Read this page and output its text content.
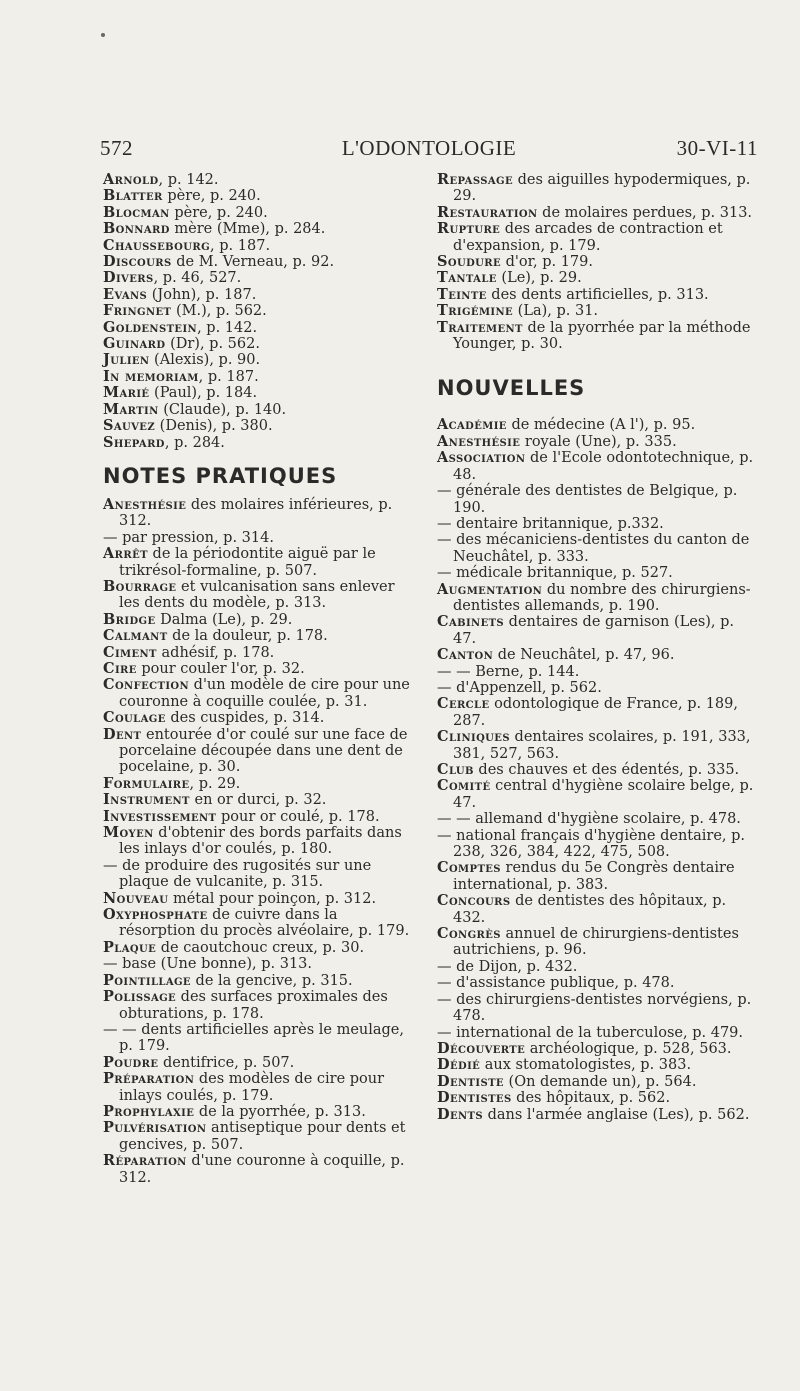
572	L'ODONTOLOGIE	30-VI-11

Arnold, p. 142.

Blatter père, p. 240.

Blocman père, p. 240.

Bonnard mère (Mme), p. 284.

Chaussebourg, p. 187.

Discours de M. Verneau, p. 92.

Divers, p. 46, 527.

Evans (John), p. 187.

Fringnet (M.), p. 562.

Goldenstein, p. 142.

Guinard (Dr), p. 562.

Julien (Alexis), p. 90.

In memoriam, p. 187.

Marié (Paul), p. 184.

Martin (Claude), p. 140.

Sauvez (Denis), p. 380.

Shepard, p. 284.

NOTES PRATIQUES

Anesthésie des molaires inférieures, p. 312.

— par pression, p. 314.

Arrêt de la périodontite aiguë par le trikrésol-formaline, p. 507.

Bourrage et vulcanisation sans enlever les dents du modèle, p. 313.

Bridge Dalma (Le), p. 29.

Calmant de la douleur, p. 178.

Ciment adhésif, p. 178.

Cire pour couler l'or, p. 32.

Confection d'un modèle de cire pour une couronne à coquille coulée, p. 31.

Coulage des cuspides, p. 314.

Dent entourée d'or coulé sur une face de porcelaine découpée dans une dent de pocelaine, p. 30.

Formulaire, p. 29.

Instrument en or durci, p. 32.

Investissement pour or coulé, p. 178.

Moyen d'obtenir des bords parfaits dans les inlays d'or coulés, p. 180.

— de produire des rugosités sur une plaque de vulcanite, p. 315.

Nouveau métal pour poinçon, p. 312.

Oxyphosphate de cuivre dans la résorption du procès alvéolaire, p. 179.

Plaque de caoutchouc creux, p. 30.

— base (Une bonne), p. 313.

Pointillage de la gencive, p. 315.

Polissage des surfaces proximales des obturations, p. 178.

— — dents artificielles après le meulage, p. 179.

Poudre dentifrice, p. 507.

Préparation des modèles de cire pour inlays coulés, p. 179.

Prophylaxie de la pyorrhée, p. 313.

Pulvérisation antiseptique pour dents et gencives, p. 507.

Réparation d'une couronne à coquille, p. 312.

Repassage des aiguilles hypodermiques, p. 29.

Restauration de molaires perdues, p. 313.

Rupture des arcades de contraction et d'expansion, p. 179.

Soudure d'or, p. 179.

Tantale (Le), p. 29.

Teinte des dents artificielles, p. 313.

Trigémine (La), p. 31.

Traitement de la pyorrhée par la méthode Younger, p. 30.

NOUVELLES

Académie de médecine (A l'), p. 95.

Anesthésie royale (Une), p. 335.

Association de l'Ecole odontotechnique, p. 48.

— générale des dentistes de Belgique, p. 190.

— dentaire britannique, p.332.

— des mécaniciens-dentistes du canton de Neuchâtel, p. 333.

— médicale britannique, p. 527.

Augmentation du nombre des chirurgiens-dentistes allemands, p. 190.

Cabinets dentaires de garnison (Les), p. 47.

Canton de Neuchâtel, p. 47, 96.

— — Berne, p. 144.

— d'Appenzell, p. 562.

Cercle odontologique de France, p. 189, 287.

Cliniques dentaires scolaires, p. 191, 333, 381, 527, 563.

Club des chauves et des édentés, p. 335.

Comité central d'hygiène scolaire belge, p. 47.

— — allemand d'hygiène scolaire, p. 478.

— national français d'hygiène dentaire, p. 238, 326, 384, 422, 475, 508.

Comptes rendus du 5e Congrès dentaire international, p. 383.

Concours de dentistes des hôpitaux, p. 432.

Congrès annuel de chirurgiens-dentistes autrichiens, p. 96.

— de Dijon, p. 432.

— d'assistance publique, p. 478.

— des chirurgiens-dentistes norvégiens, p. 478.

— international de la tuberculose, p. 479.

Découverte archéologique, p. 528, 563.

Dédié aux stomatologistes, p. 383.

Dentiste (On demande un), p. 564.

Dentistes des hôpitaux, p. 562.

Dents dans l'armée anglaise (Les), p. 562.
